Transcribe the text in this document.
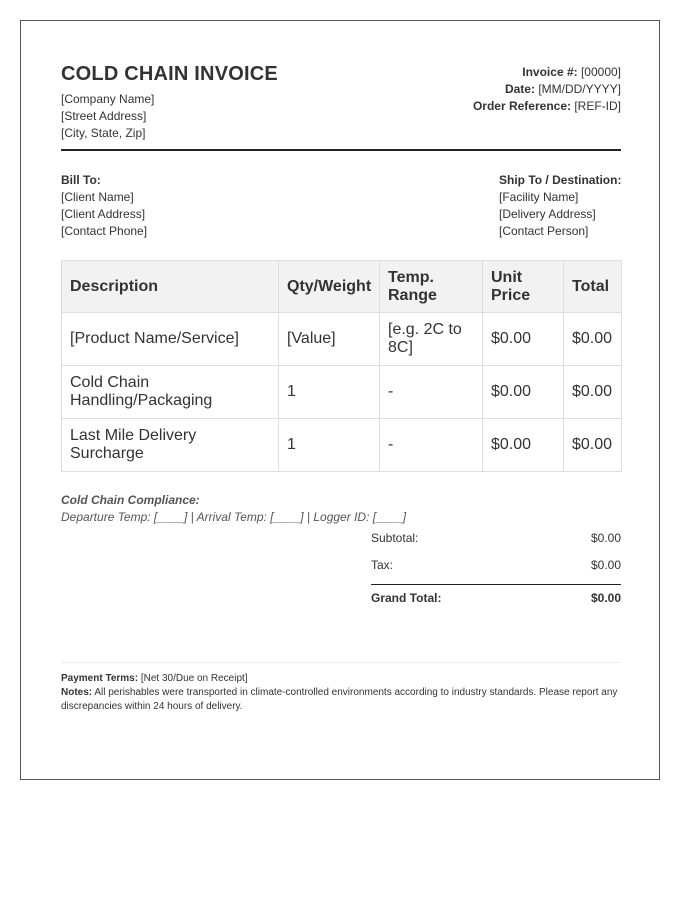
COLD CHAIN INVOICE
[Company Name]
[Street Address]
[City, State, Zip]
Invoice #: [00000]
Date: [MM/DD/YYYY]
Order Reference: [REF-ID]
Bill To:
[Client Name]
[Client Address]
[Contact Phone]
Ship To / Destination:
[Facility Name]
[Delivery Address]
[Contact Person]
Description	Qty/Weight	Temp. Range	Unit Price	Total
[Product Name/Service]	[Value]	[e.g. 2C to 8C]	$0.00	$0.00
Cold Chain Handling/Packaging	1	-	$0.00	$0.00
Last Mile Delivery Surcharge	1	-	$0.00	$0.00
Cold Chain Compliance:
Departure Temp: [____] | Arrival Temp: [____] | Logger ID: [____]
Subtotal:	$0.00
Tax:	$0.00
Grand Total:	$0.00
Payment Terms: [Net 30/Due on Receipt]
Notes: All perishables were transported in climate-controlled environments according to industry standards. Please report any discrepancies within 24 hours of delivery.
